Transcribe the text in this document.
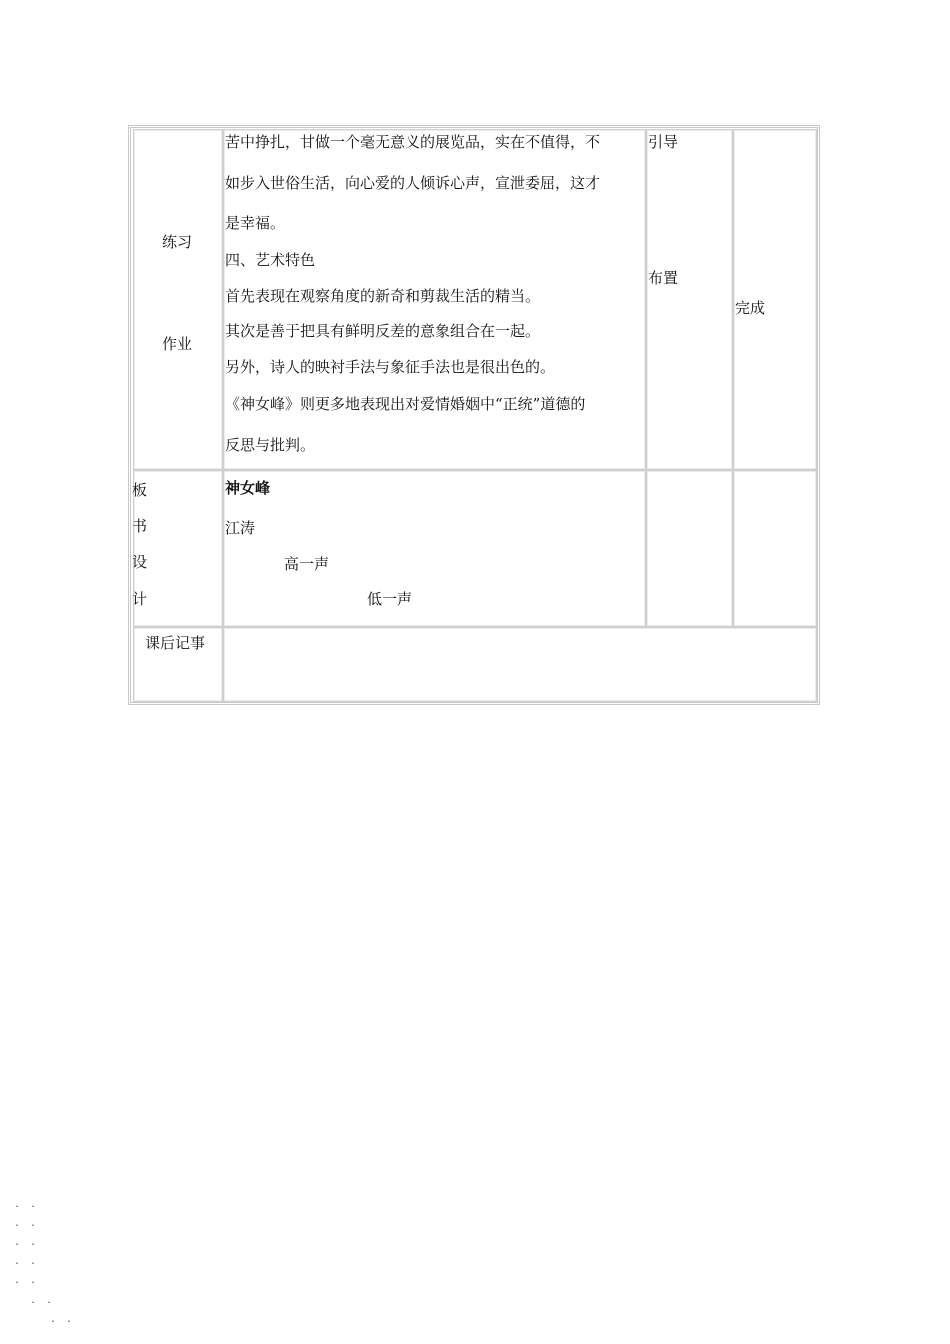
练习
作业
苦中挣扎，甘做一个毫无意义的展览品，实在不值得，不
如步入世俗生活，向心爱的人倾诉心声，宣泄委屈，这才
是幸福。
四、艺术特色
首先表现在观察角度的新奇和剪裁生活的精当。
其次是善于把具有鲜明反差的意象组合在一起。
另外，诗人的映衬手法与象征手法也是很出色的。
《神女峰》则更多地表现出对爱情婚姻中“正统”道德的
反思与批判。
引导
布置
完成
板
书
设
计
神女峰
江涛
高一声
低一声
课后记事
. .
. .
. .
. .
. .
. .
. .
